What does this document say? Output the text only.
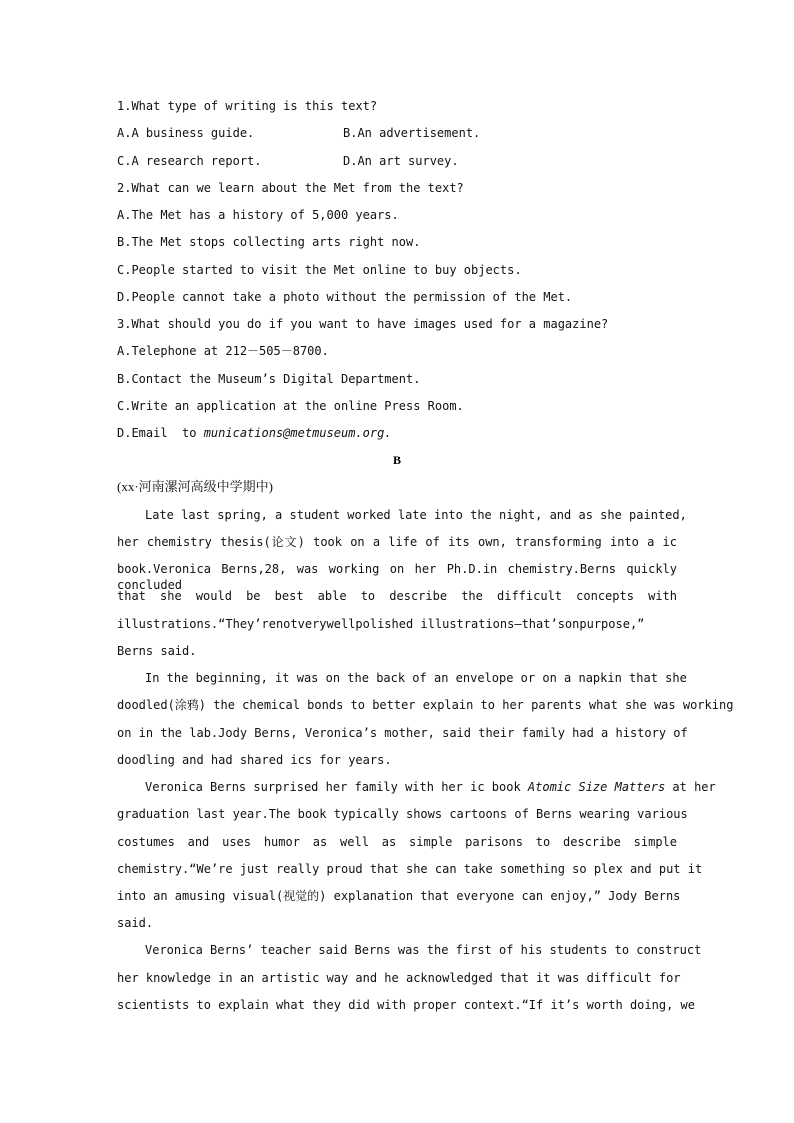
1.What type of writing is this text?
A.A business guide.	B.An advertisement.
C.A research report.	D.An art survey.
2.What can we learn about the Met from the text?
A.The Met has a history of 5,000 years.
B.The Met stops collecting arts right now.
C.People started to visit the Met online to buy objects.
D.People cannot take a photo without the permission of the Met.
3.What should you do if you want to have images used for a magazine?
A.Telephone at 212－505－8700.
B.Contact the Museum’s Digital Department.
C.Write an application at the online Press Room.
D.Email  to munications@metmuseum.org.
B
(xx·河南漯河高级中学期中)
Late last spring, a student worked late into the night, and as she painted,
her chemistry thesis(论文) took on a life of its own, transforming into a ic
book.Veronica Berns,28, was working on her Ph.D.in chemistry.Berns quickly concluded
that she would be best able to describe the difficult concepts with
illustrations.“They’renotverywellpolished illustrations—that’sonpurpose,”
Berns said.
In the beginning, it was on the back of an envelope or on a napkin that she
doodled(涂鸦) the chemical bonds to better explain to her parents what she was working
on in the lab.Jody Berns, Veronica’s mother, said their family had a history of
doodling and had shared ics for years.
Veronica Berns surprised her family with her ic book Atomic Size Matters at her
graduation last year.The book typically shows cartoons of Berns wearing various
costumes and uses humor as well as simple parisons to describe simple
chemistry.“We’re just really proud that she can take something so plex and put it
into an amusing visual(视觉的) explanation that everyone can enjoy,” Jody Berns
said.
Veronica Berns’ teacher said Berns was the first of his students to construct
her knowledge in an artistic way and he acknowledged that it was difficult for
scientists to explain what they did with proper context.“If it’s worth doing, we
